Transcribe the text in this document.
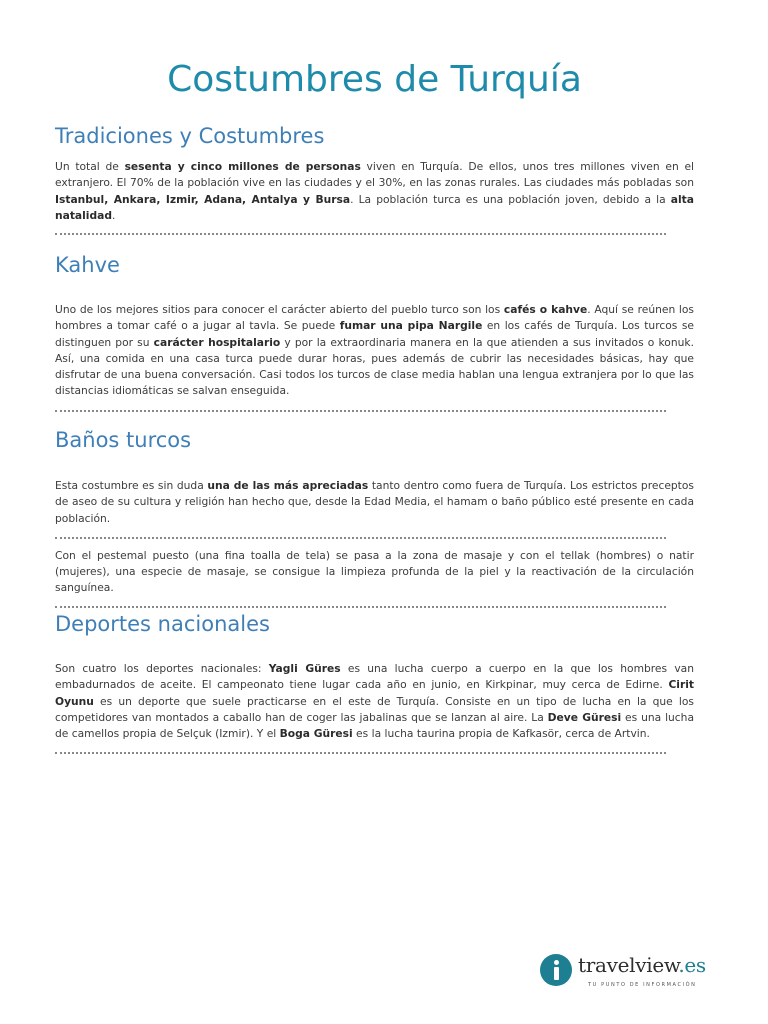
Costumbres de Turquía
Tradiciones y Costumbres

Un total de sesenta y cinco millones de personas viven en Turquía. De ellos, unos tres millones viven en el extranjero. El 70% de la población vive en las ciudades y el 30%, en las zonas rurales. Las ciudades más pobladas son Istanbul, Ankara, Izmir, Adana, Antalya y Bursa. La población turca es una población joven, debido a la alta natalidad.

Kahve

Uno de los mejores sitios para conocer el carácter abierto del pueblo turco son los cafés o kahve. Aquí se reúnen los hombres a tomar café o a jugar al tavla. Se puede fumar una pipa Nargile en los cafés de Turquía. Los turcos se distinguen por su carácter hospitalario y por la extraordinaria manera en la que atienden a sus invitados o konuk. Así, una comida en una casa turca puede durar horas, pues además de cubrir las necesidades básicas, hay que disfrutar de una buena conversación. Casi todos los turcos de clase media hablan una lengua extranjera por lo que las distancias idiomáticas se salvan enseguida.

Baños turcos

Esta costumbre es sin duda una de las más apreciadas tanto dentro como fuera de Turquía. Los estrictos preceptos de aseo de su cultura y religión han hecho que, desde la Edad Media, el hamam o baño público esté presente en cada población.

Con el pestemal puesto (una fina toalla de tela) se pasa a la zona de masaje y con el tellak (hombres) o natir (mujeres), una especie de masaje, se consigue la limpieza profunda de la piel y la reactivación de la circulación sanguínea.

Deportes nacionales

Son cuatro los deportes nacionales: Yagli Güres es una lucha cuerpo a cuerpo en la que los hombres van embadurnados de aceite. El campeonato tiene lugar cada año en junio, en Kirkpinar, muy cerca de Edirne. Cirit Oyunu es un deporte que suele practicarse en el este de Turquía. Consiste en un tipo de lucha en la que los competidores van montados a caballo han de coger las jabalinas que se lanzan al aire. La Deve Güresi es una lucha de camellos propia de Selçuk (Izmir). Y el Boga Güresi es la lucha taurina propia de Kafkasör, cerca de Artvin.

travelview.es
TU PUNTO DE INFORMACIÓN
